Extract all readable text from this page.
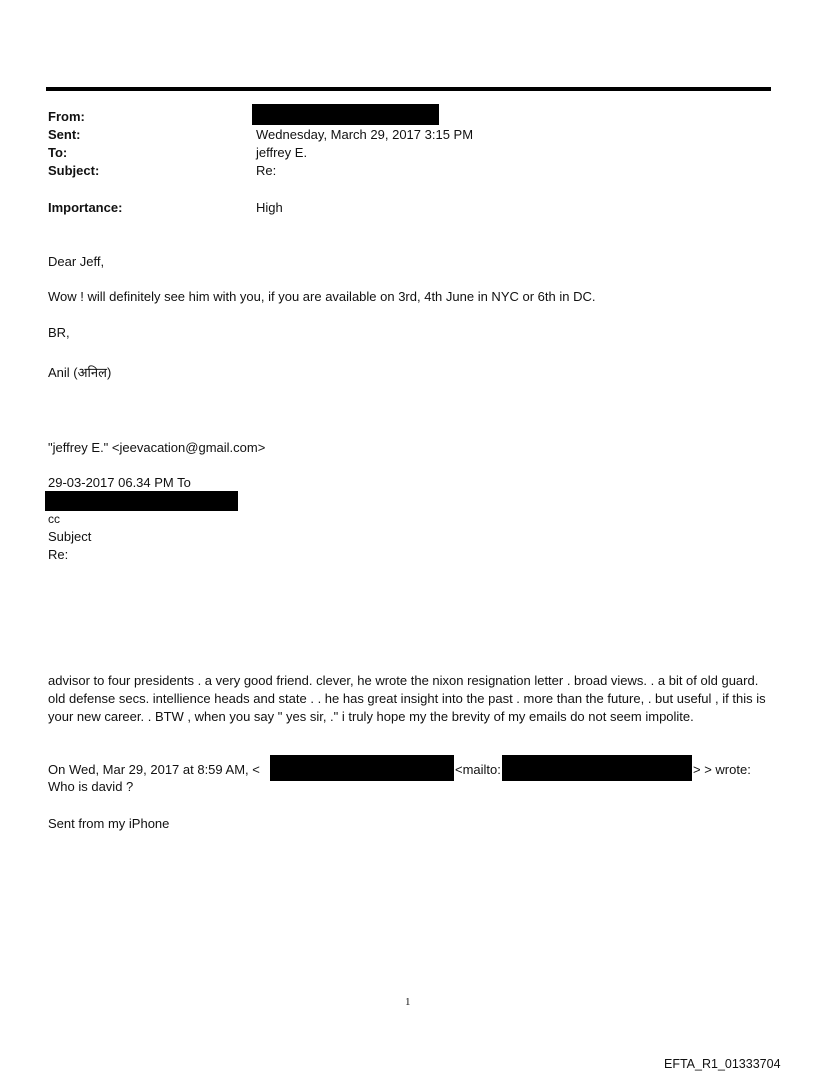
From:
Sent:	Wednesday, March 29, 2017 3:15 PM
To:	jeffrey E.
Subject:	Re:
Importance:	High
Dear Jeff,
Wow ! will definitely see him with you, if you are available on 3rd, 4th June in NYC or 6th in DC.
BR,
Anil (अनिल)
"jeffrey E." <jeevacation@gmail.com>
29-03-2017 06.34 PM To
cc
Subject
Re:
advisor to four presidents . a very good friend. clever, he wrote the nixon resignation letter . broad views. . a bit of old guard. old defense secs. intellience heads and state . . he has great insight into the past . more than the future, . but useful , if this is your new career. . BTW , when you say " yes sir, ." i truly hope my the brevity of my emails do not seem impolite.
On Wed, Mar 29, 2017 at 8:59 AM, <	<mailto:	> > wrote:
Who is david ?
Sent from my iPhone
1
EFTA_R1_01333704
